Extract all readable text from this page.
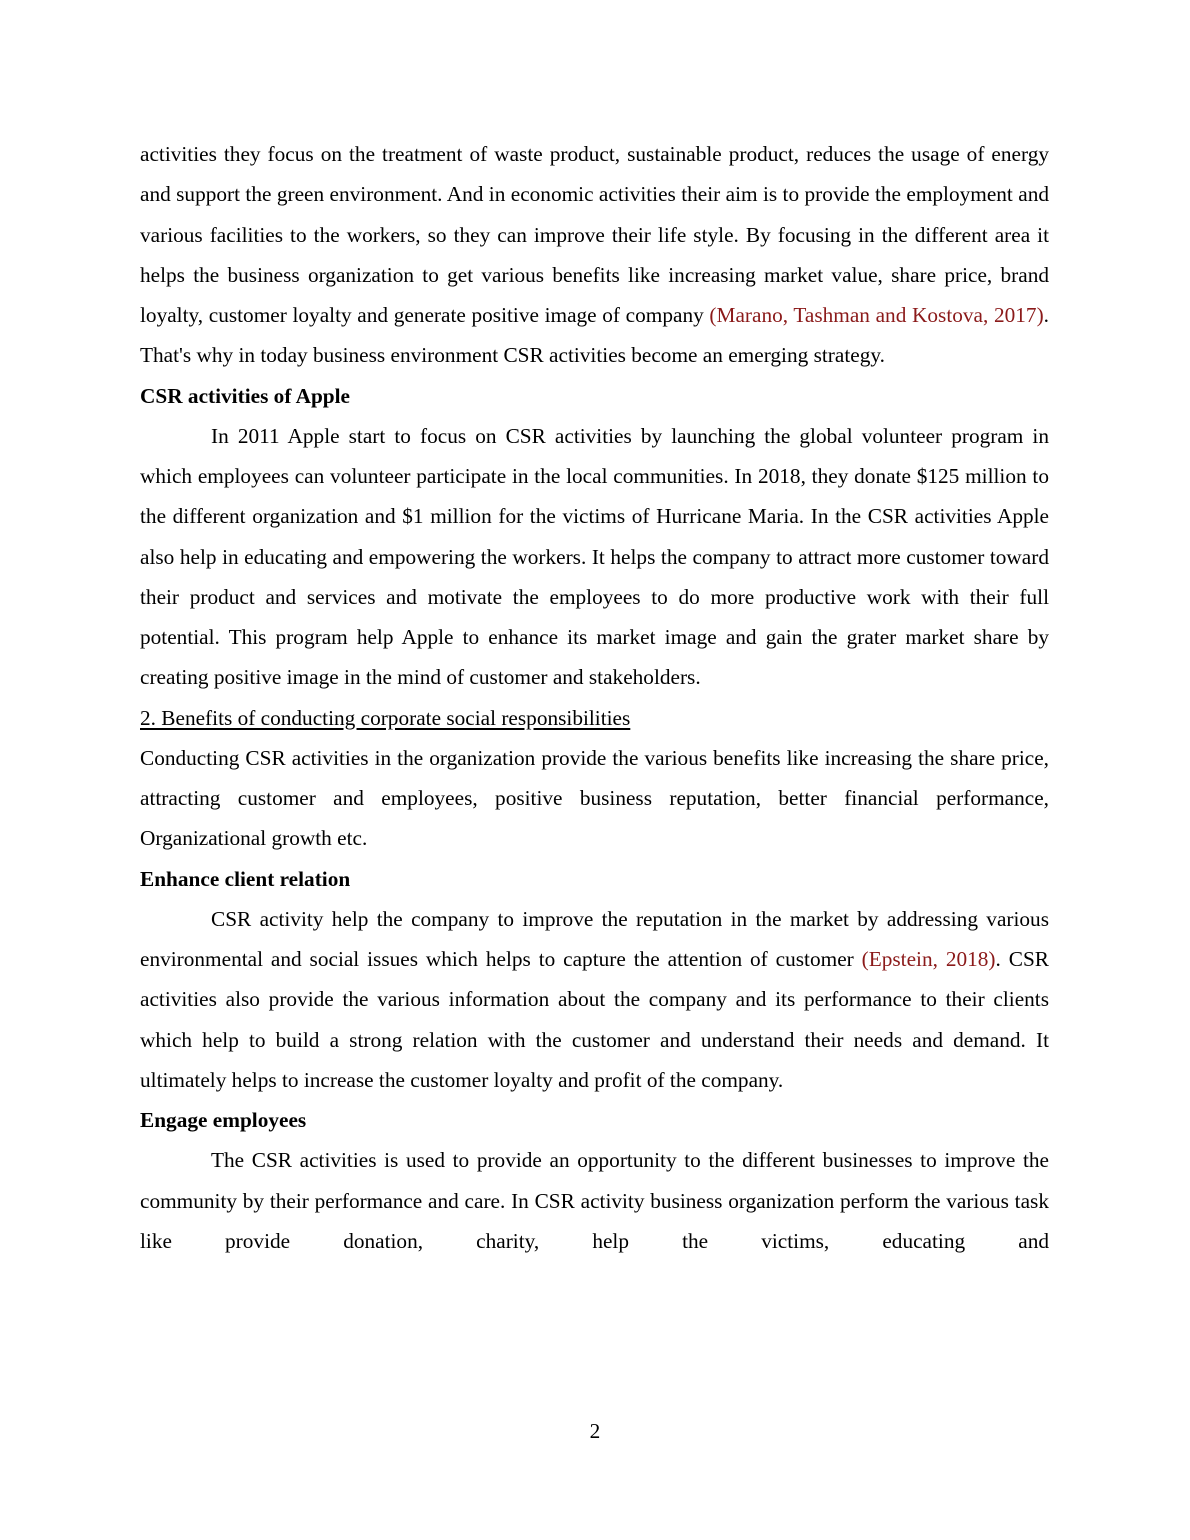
activities they focus on the treatment of waste product, sustainable product, reduces the usage of energy and support the green environment. And in economic activities their aim is to provide the employment and various facilities to the workers, so they can improve their life style. By focusing in the different area it helps the business organization to get various benefits like increasing market value, share price, brand loyalty, customer loyalty and generate positive image of company (Marano, Tashman and Kostova, 2017). That's why in today business environment CSR activities become an emerging strategy.

CSR activities of Apple

In 2011 Apple start to focus on CSR activities by launching the global volunteer program in which employees can volunteer participate in the local communities. In 2018, they donate $125 million to the different organization and $1 million for the victims of Hurricane Maria. In the CSR activities Apple also help in educating and empowering the workers. It helps the company to attract more customer toward their product and services and motivate the employees to do more productive work with their full potential. This program help Apple to enhance its market image and gain the grater market share by creating positive image in the mind of customer and stakeholders.

2. Benefits of conducting corporate social responsibilities

Conducting CSR activities in the organization provide the various benefits like increasing the share price, attracting customer and employees, positive business reputation, better financial performance, Organizational growth etc.

Enhance client relation

CSR activity help the company to improve the reputation in the market by addressing various environmental and social issues which helps to capture the attention of customer (Epstein, 2018). CSR activities also provide the various information about the company and its performance to their clients which help to build a strong relation with the customer and understand their needs and demand. It ultimately helps to increase the customer loyalty and profit of the company.

Engage employees

The CSR activities is used to provide an opportunity to the different businesses to improve the community by their performance and care. In CSR activity business organization perform the various task like provide donation, charity, help the victims, educating and

2
